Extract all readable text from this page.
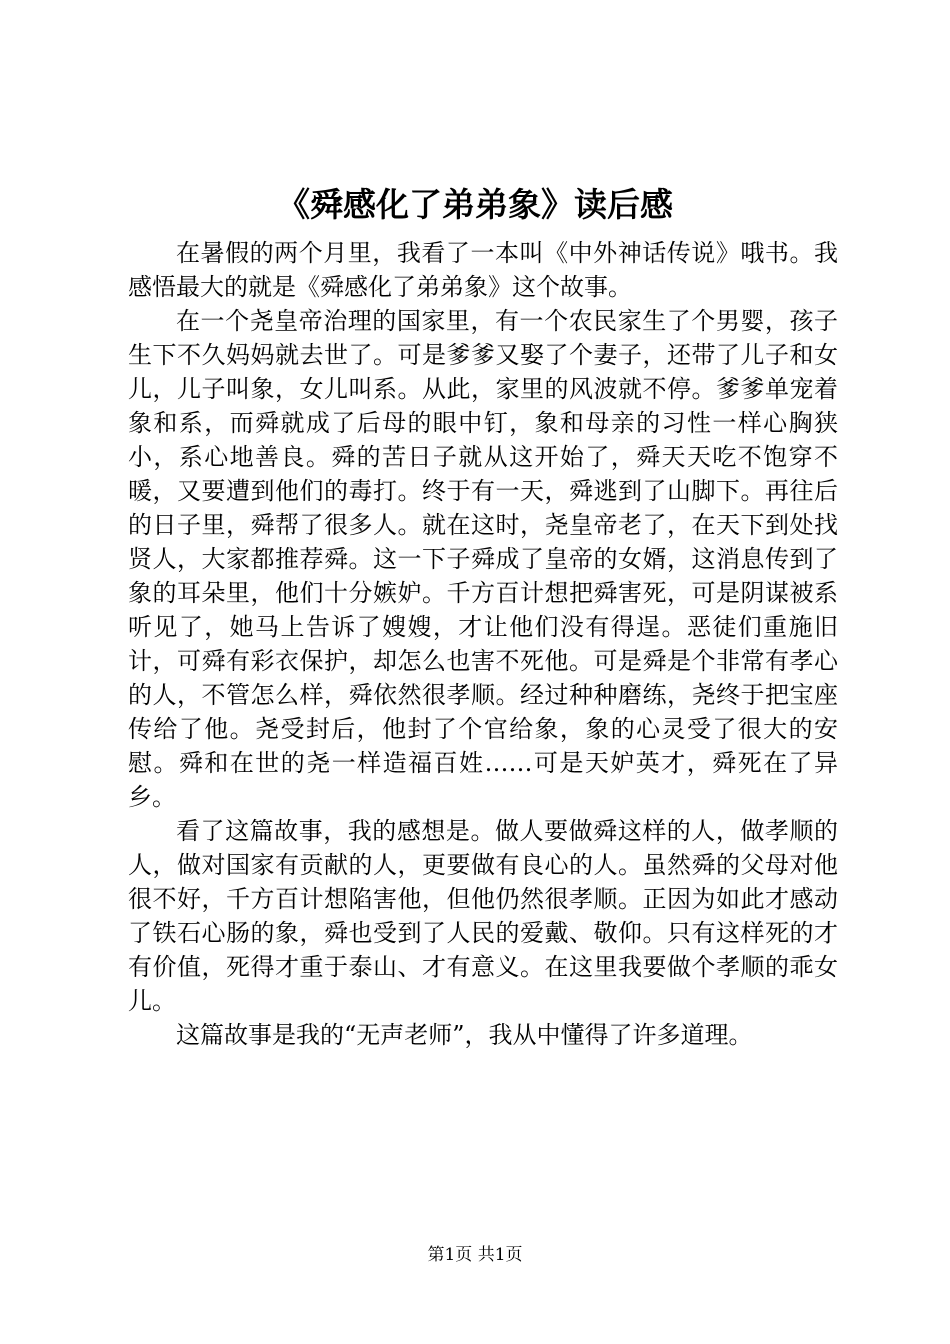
《舜感化了弟弟象》读后感

在暑假的两个月里，我看了一本叫《中外神话传说》哦书。我感悟最大的就是《舜感化了弟弟象》这个故事。

在一个尧皇帝治理的国家里，有一个农民家生了个男婴，孩子生下不久妈妈就去世了。可是爹爹又娶了个妻子，还带了儿子和女儿，儿子叫象，女儿叫系。从此，家里的风波就不停。爹爹单宠着象和系，而舜就成了后母的眼中钉，象和母亲的习性一样心胸狭小，系心地善良。舜的苦日子就从这开始了，舜天天吃不饱穿不暖，又要遭到他们的毒打。终于有一天，舜逃到了山脚下。再往后的日子里，舜帮了很多人。就在这时，尧皇帝老了，在天下到处找贤人，大家都推荐舜。这一下子舜成了皇帝的女婿，这消息传到了象的耳朵里，他们十分嫉妒。千方百计想把舜害死，可是阴谋被系听见了，她马上告诉了嫂嫂，才让他们没有得逞。恶徒们重施旧计，可舜有彩衣保护，却怎么也害不死他。可是舜是个非常有孝心的人，不管怎么样，舜依然很孝顺。经过种种磨练，尧终于把宝座传给了他。尧受封后，他封了个官给象，象的心灵受了很大的安慰。舜和在世的尧一样造福百姓……可是天妒英才，舜死在了异乡。

看了这篇故事，我的感想是。做人要做舜这样的人，做孝顺的人，做对国家有贡献的人，更要做有良心的人。虽然舜的父母对他很不好，千方百计想陷害他，但他仍然很孝顺。正因为如此才感动了铁石心肠的象，舜也受到了人民的爱戴、敬仰。只有这样死的才有价值，死得才重于泰山、才有意义。在这里我要做个孝顺的乖女儿。

这篇故事是我的“无声老师”，我从中懂得了许多道理。

第1页 共1页
